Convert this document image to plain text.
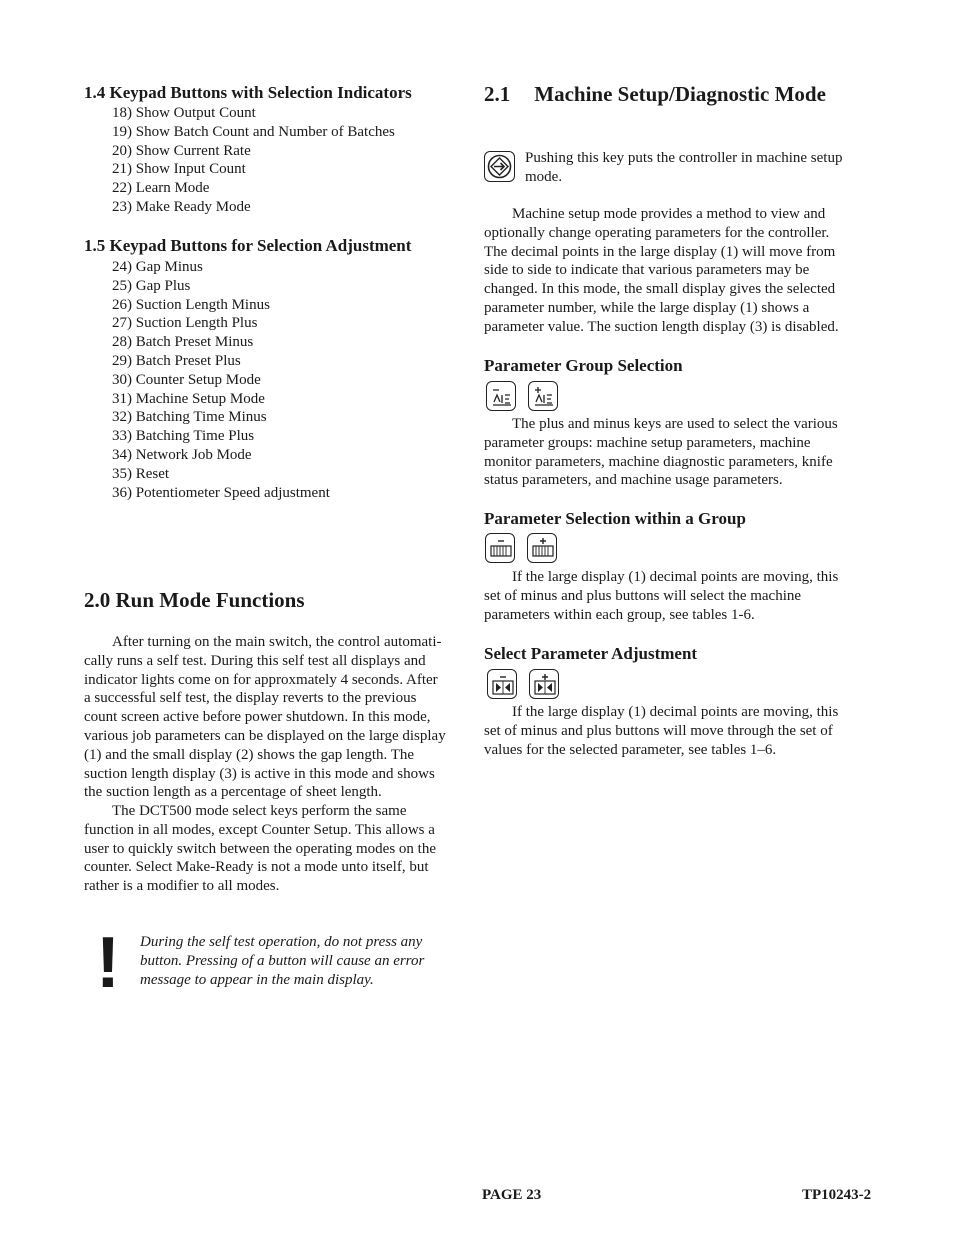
1.4 Keypad Buttons with Selection Indicators
18) Show Output Count
19) Show Batch Count and Number of Batches
20) Show Current Rate
21) Show Input Count
22) Learn Mode
23) Make Ready Mode
1.5 Keypad Buttons for Selection Adjustment
24) Gap Minus
25) Gap Plus
26) Suction Length Minus
27) Suction Length Plus
28) Batch Preset Minus
29) Batch Preset Plus
30) Counter Setup Mode
31) Machine Setup Mode
32) Batching Time Minus
33) Batching Time Plus
34) Network Job Mode
35) Reset
36) Potentiometer Speed adjustment
2.0 Run Mode Functions
After turning on the main switch, the control automati-
cally runs a self test. During this self test all displays and
indicator lights come on for approxmately 4 seconds. After
a successful self test, the display reverts to the previous
count screen active before power shutdown. In this mode,
various job parameters can be displayed on the large display
(1) and the small display (2) shows the gap length. The
suction length display (3) is active in this mode and shows
the suction length as a percentage of sheet length.
The DCT500 mode select keys perform the same
function in all modes, except Counter Setup. This allows a
user to quickly switch between the operating modes on the
counter. Select Make-Ready is not a mode unto itself, but
rather is a modifier to all modes.
! During the self test operation, do not press any
button. Pressing of a button will cause an error
message to appear in the main display.
2.1 Machine Setup/Diagnostic Mode
Pushing this key puts the controller in machine setup
mode.
Machine setup mode provides a method to view and
optionally change operating parameters for the controller.
The decimal points in the large display (1) will move from
side to side to indicate that various parameters may be
changed. In this mode, the small display gives the selected
parameter number, while the large display (1) shows a
parameter value. The suction length display (3) is disabled.
Parameter Group Selection
The plus and minus keys are used to select the various
parameter groups: machine setup parameters, machine
monitor parameters, machine diagnostic parameters, knife
status parameters, and machine usage parameters.
Parameter Selection within a Group
If the large display (1) decimal points are moving, this
set of minus and plus buttons will select the machine
parameters within each group, see tables 1-6.
Select Parameter Adjustment
If the large display (1) decimal points are moving, this
set of minus and plus buttons will move through the set of
values for the selected parameter, see tables 1–6.
PAGE 23	TP10243-2
